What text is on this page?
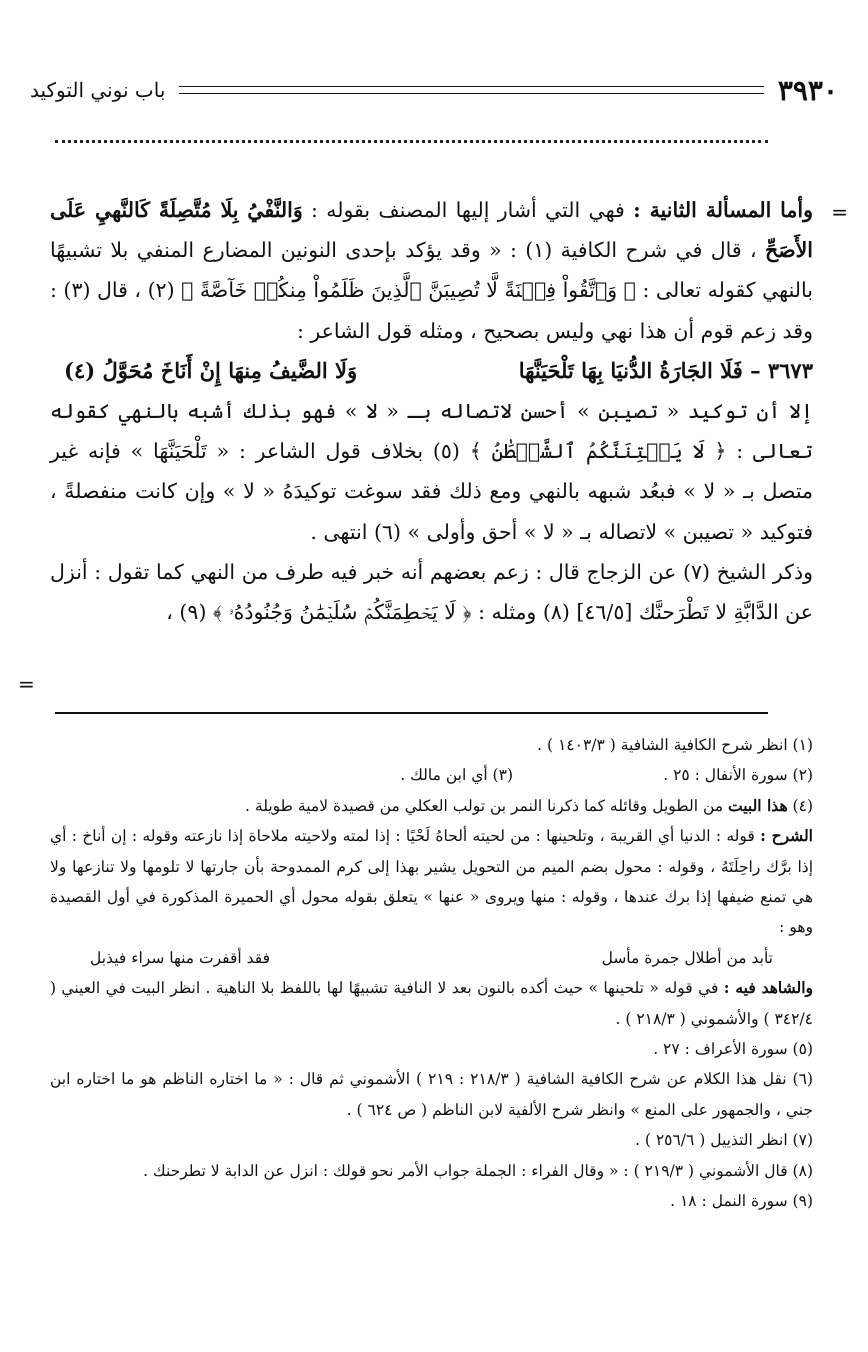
٣٩٣٠
باب نوني التوكيد
=
=

وأما المسألة الثانية : فهي التي أشار إليها المصنف بقوله : وَالنَّفْيُ بِلَا مُتَّصِلَةً كَالنَّهيِ عَلَى الأَصَحِّ ، قال في شرح الكافية (١) : « وقد يؤكد بإحدى النونين المضارع المنفي بلا تشبيهًا بالنهي كقوله تعالى : ﴿ وَٱتَّقُواْ فِتۡنَةً لَّا تُصِيبَنَّ ٱلَّذِينَ ظَلَمُواْ مِنكُمۡ خَآصَّةً ﴾ (٢) ، قال (٣) : وقد زعم قوم أن هذا نهي وليس بصحيح ، ومثله قول الشاعر :

٣٦٧٣ – فَلَا الجَارَةُ الدُّنيَا بِهَا تَلْحَيَنَّهَا
وَلَا الضَّيفُ مِنهَا إِنْ أَنَاخَ مُحَوَّلُ (٤)

إلا أن توكيد « تصيبن » أحسن لاتصاله بـ « لا » فهو بذلك أشبه بالنهي كقوله تعالى : ﴿ لَا يَفۡتِنَنَّكُمُ ٱلشَّيۡطَٰنُ ﴾ (٥) بخلاف قول الشاعر : « تَلْحَيَنَّهَا » فإنه غير متصل بـ « لا » فبعُد شبهه بالنهي ومع ذلك فقد سوغت توكيدَهُ « لا » وإن كانت منفصلةً ، فتوكيد « تصيبن » لاتصاله بـ « لا » أحق وأولى » (٦) انتهى .

وذكر الشيخ (٧) عن الزجاج قال : زعم بعضهم أنه خبر فيه طرف من النهي كما تقول : أنزل عن الدَّابَّةِ لا تَطْرَحنَّك [٤٦/٥] (٨) ومثله : ﴿ لَا يَحۡطِمَنَّكُمۡ سُلَيۡمَٰنُ وَجُنُودُهُۥ ﴾ (٩) ،

(١) انظر شرح الكافية الشافية ( ١٤٠٣/٣ ) .

(٢) سورة الأنفال : ٢٥ .
(٣) أي ابن مالك .

(٤) هذا البيت من الطويل وقائله كما ذكرنا النمر بن تولب العكلي من قصيدة لامية طويلة .

الشرح : قوله : الدنيا أي القريبة ، وتلحينها : من لحيته ألحاهُ لَحْيًا : إذا لمته ولاحيته ملاحاة إذا نازعته وقوله : إن أناخ : أي إذا برَّك راحِلَتَهُ ، وقوله : محول بضم الميم من التحويل يشير بهذا إلى كرم الممدوحة بأن جارتها لا تلومها ولا تنازعها ولا هي تمنع ضيفها إذا برك عندها ، وقوله : منها ويروى « عنها » يتعلق بقوله محول أي الحميرة المذكورة في أول القصيدة وهو :

تأبد من أطلال جمرة مأسل
فقد أقفرت منها سراء فيذبل

والشاهد فيه : في قوله « تلحينها » حيث أكده بالنون بعد لا النافية تشبيهًا لها باللفظ بلا الناهية . انظر البيت في العيني ( ٣٤٢/٤ ) والأشموني ( ٢١٨/٣ ) .

(٥) سورة الأعراف : ٢٧ .

(٦) نقل هذا الكلام عن شرح الكافية الشافية ( ٢١٨/٣ : ٢١٩ ) الأشموني ثم قال : « ما اختاره الناظم هو ما اختاره ابن جني ، والجمهور على المنع » وانظر شرح الألفية لابن الناظم ( ص ٦٢٤ ) .

(٧) انظر التذييل ( ٢٥٦/٦ ) .

(٨) قال الأشموني ( ٢١٩/٣ ) : « وقال الفراء : الجملة جواب الأمر نحو قولك : انزل عن الدابة لا تطرحنك .

(٩) سورة النمل : ١٨ .
